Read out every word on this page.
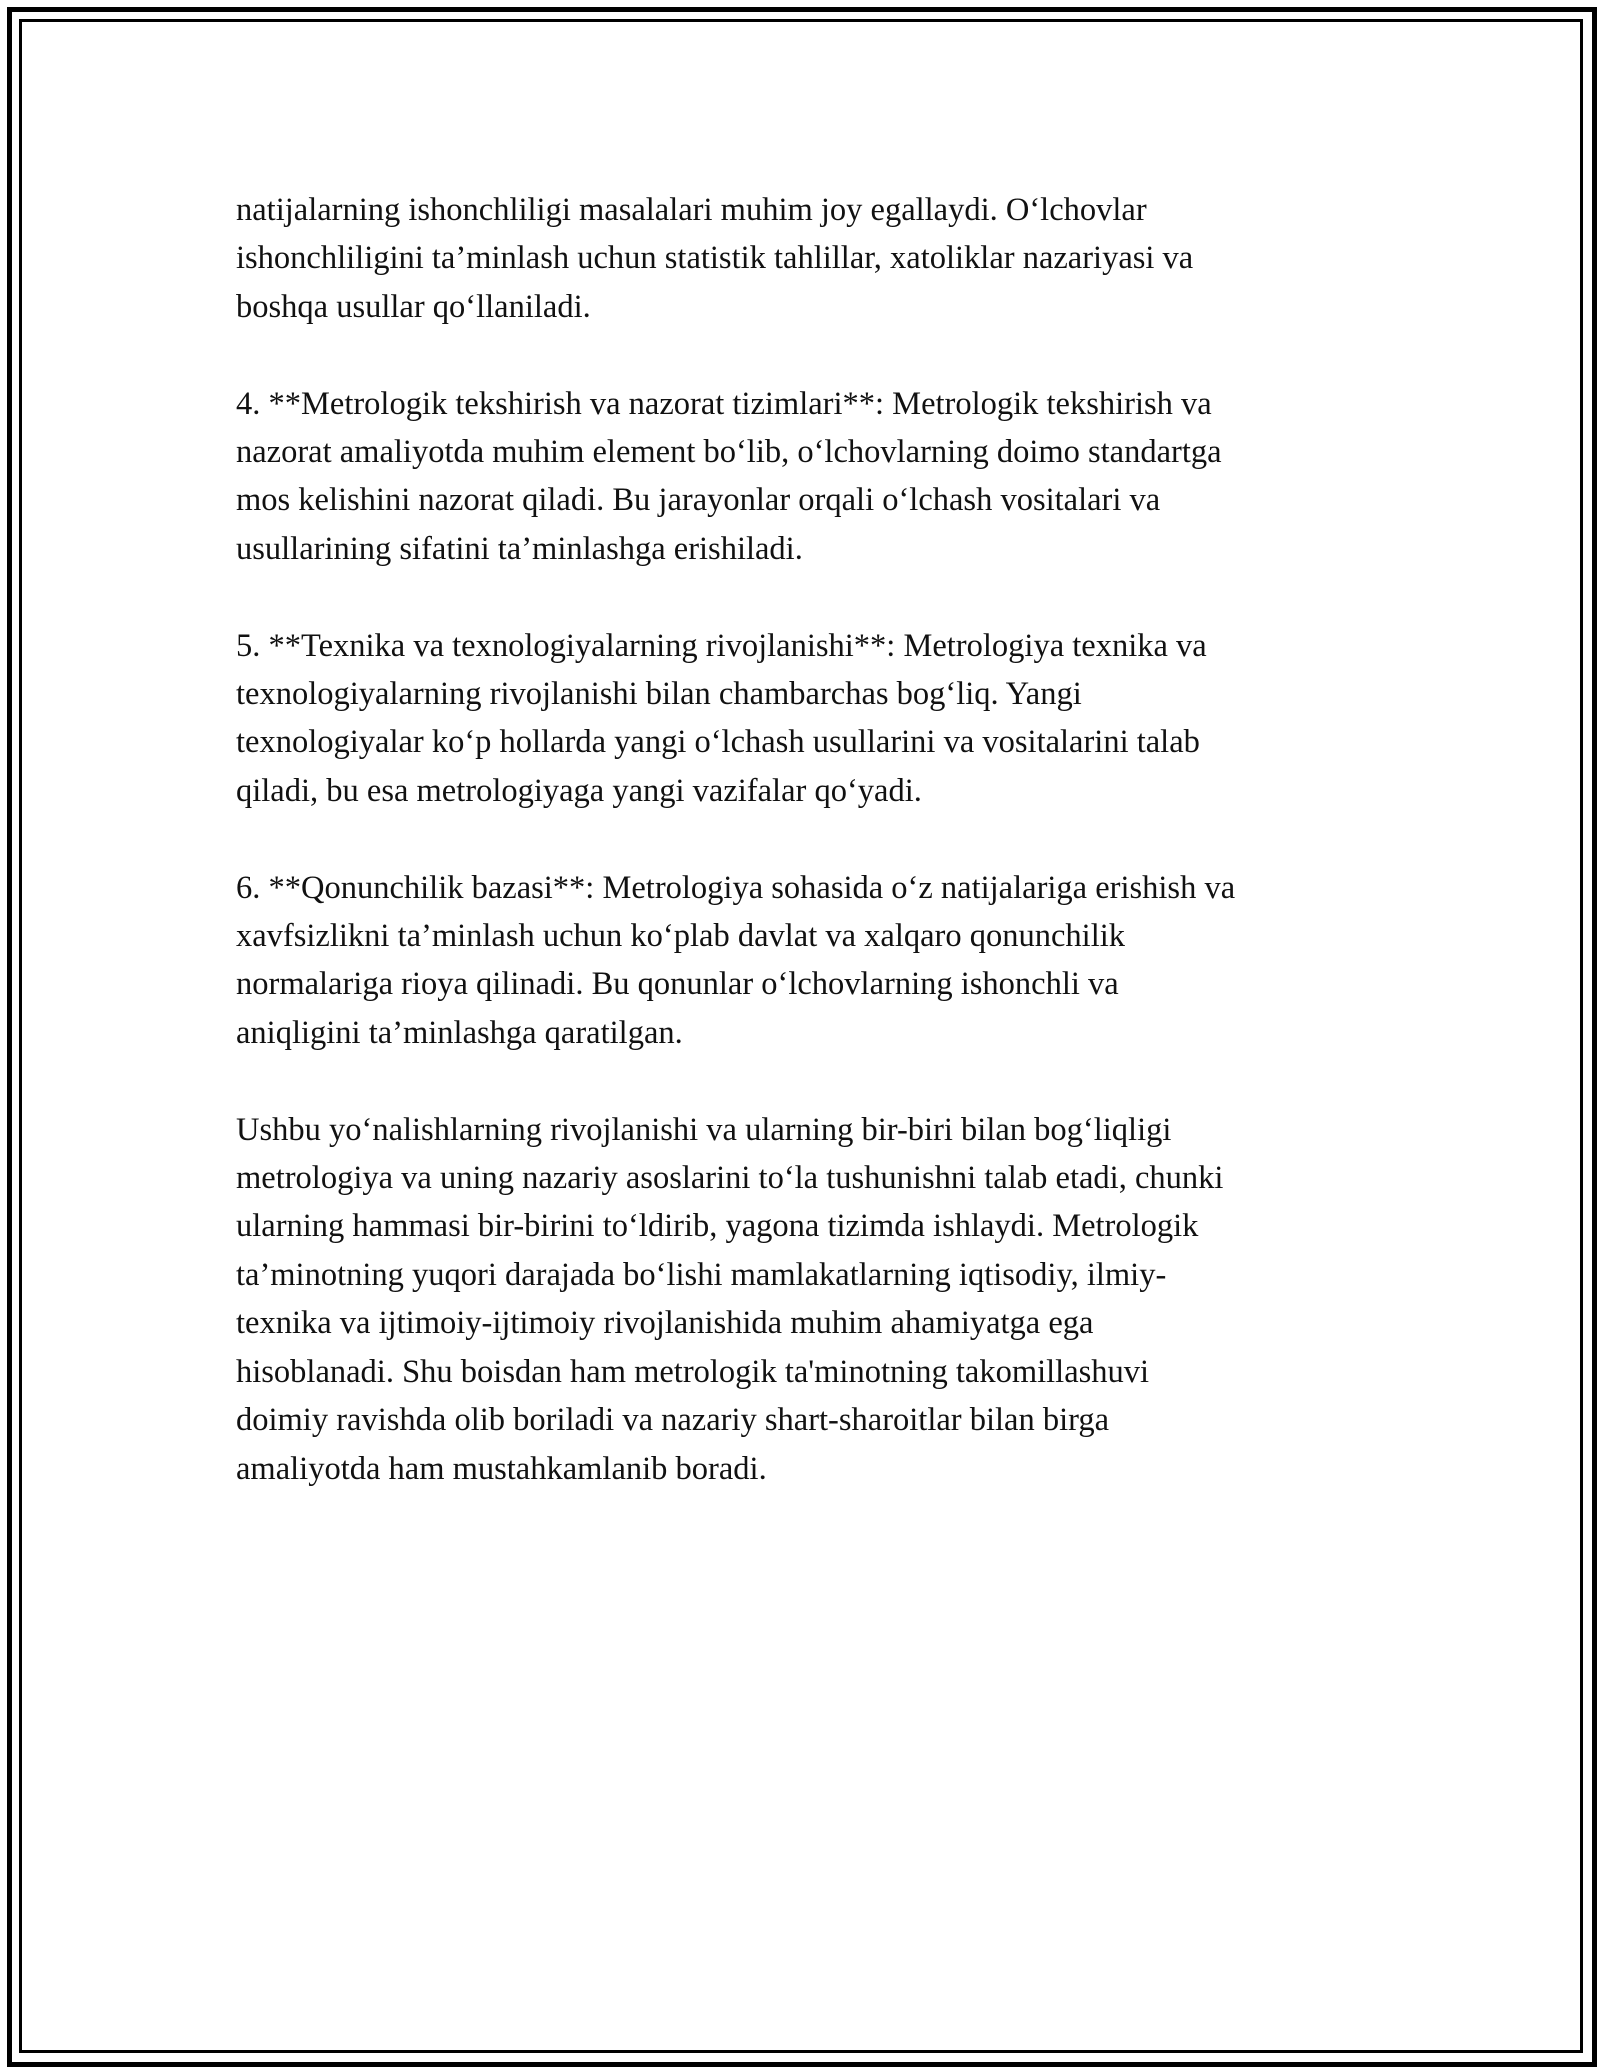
natijalarning ishonchliligi masalalari muhim joy egallaydi. O‘lchovlar
ishonchliligini ta’minlash uchun statistik tahlillar, xatoliklar nazariyasi va
boshqa usullar qo‘llaniladi.

4. **Metrologik tekshirish va nazorat tizimlari**: Metrologik tekshirish va
nazorat amaliyotda muhim element bo‘lib, o‘lchovlarning doimo standartga
mos kelishini nazorat qiladi. Bu jarayonlar orqali o‘lchash vositalari va
usullarining sifatini ta’minlashga erishiladi.

5. **Texnika va texnologiyalarning rivojlanishi**: Metrologiya texnika va
texnologiyalarning rivojlanishi bilan chambarchas bog‘liq. Yangi
texnologiyalar ko‘p hollarda yangi o‘lchash usullarini va vositalarini talab
qiladi, bu esa metrologiyaga yangi vazifalar qo‘yadi.

6. **Qonunchilik bazasi**: Metrologiya sohasida o‘z natijalariga erishish va
xavfsizlikni ta’minlash uchun ko‘plab davlat va xalqaro qonunchilik
normalariga rioya qilinadi. Bu qonunlar o‘lchovlarning ishonchli va
aniqligini ta’minlashga qaratilgan.

Ushbu yo‘nalishlarning rivojlanishi va ularning bir-biri bilan bog‘liqligi
metrologiya va uning nazariy asoslarini to‘la tushunishni talab etadi, chunki
ularning hammasi bir-birini to‘ldirib, yagona tizimda ishlaydi. Metrologik
ta’minotning yuqori darajada bo‘lishi mamlakatlarning iqtisodiy, ilmiy-
texnika va ijtimoiy-ijtimoiy rivojlanishida muhim ahamiyatga ega
hisoblanadi. Shu boisdan ham metrologik ta'minotning takomillashuvi
doimiy ravishda olib boriladi va nazariy shart-sharoitlar bilan birga
amaliyotda ham mustahkamlanib boradi.
